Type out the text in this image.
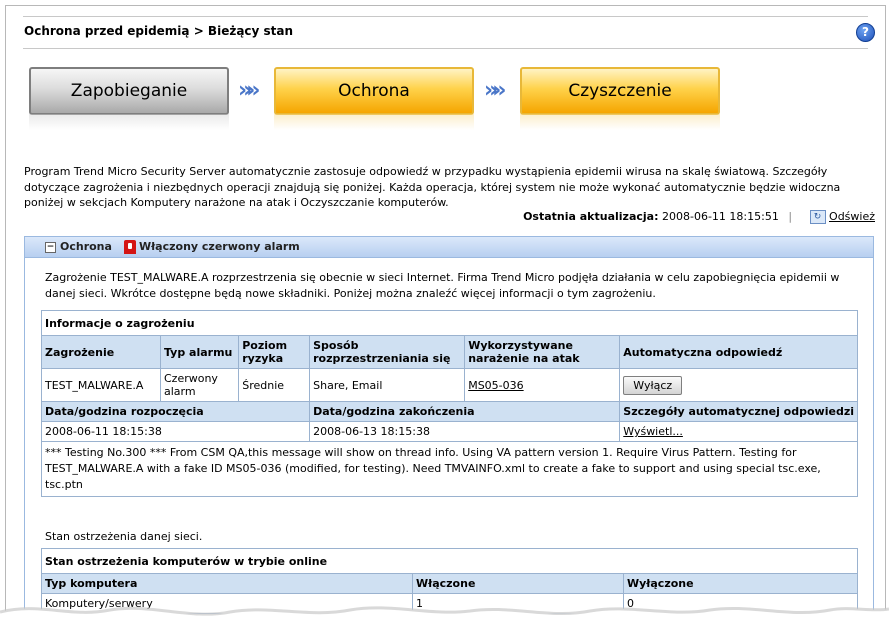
Ochrona przed epidemią > Bieżący stan	?
Zapobieganie	»»	Ochrona	»»	Czyszczenie
Program Trend Micro Security Server automatycznie zastosuje odpowiedź w przypadku wystąpienia epidemii wirusa na skalę światową. Szczegóły dotyczące zagrożenia i niezbędnych operacji znajdują się poniżej. Każda operacja, której system nie może wykonać automatycznie będzie widoczna poniżej w sekcjach Komputery narażone na atak i Oczyszczanie komputerów.
Ostatnia aktualizacja: 2008-06-11 18:15:51 | ↻ Odśwież
− Ochrona Włączony czerwony alarm
Zagrożenie TEST_MALWARE.A rozprzestrzenia się obecnie w sieci Internet. Firma Trend Micro podjęła działania w celu zapobiegnięcia epidemii w danej sieci. Wkrótce dostępne będą nowe składniki. Poniżej można znaleźć więcej informacji o tym zagrożeniu.
Informacje o zagrożeniu					
Zagrożenie	Typ alarmu	Poziom ryzyka	Sposób rozprzestrzeniania się	Wykorzystywane narażenie na atak	Automatyczna odpowiedź
TEST_MALWARE.A	Czerwony alarm	Średnie	Share, Email	MS05-036	Wyłącz
Data/godzina rozpoczęcia			Data/godzina zakończenia		Szczegóły automatycznej odpowiedzi
2008-06-11 18:15:38			2008-06-13 18:15:38		Wyświetl...
*** Testing No.300 *** From CSM QA,this message will show on thread info. Using VA pattern version 1. Require Virus Pattern. Testing for TEST_MALWARE.A with a fake ID MS05-036 (modified, for testing). Need TMVAINFO.xml to create a fake to support and using special tsc.exe, tsc.ptn					
Stan ostrzeżenia danej sieci.
Stan ostrzeżenia komputerów w trybie online		
Typ komputera	Włączone	Wyłączone
Komputery/serwery	1	0
